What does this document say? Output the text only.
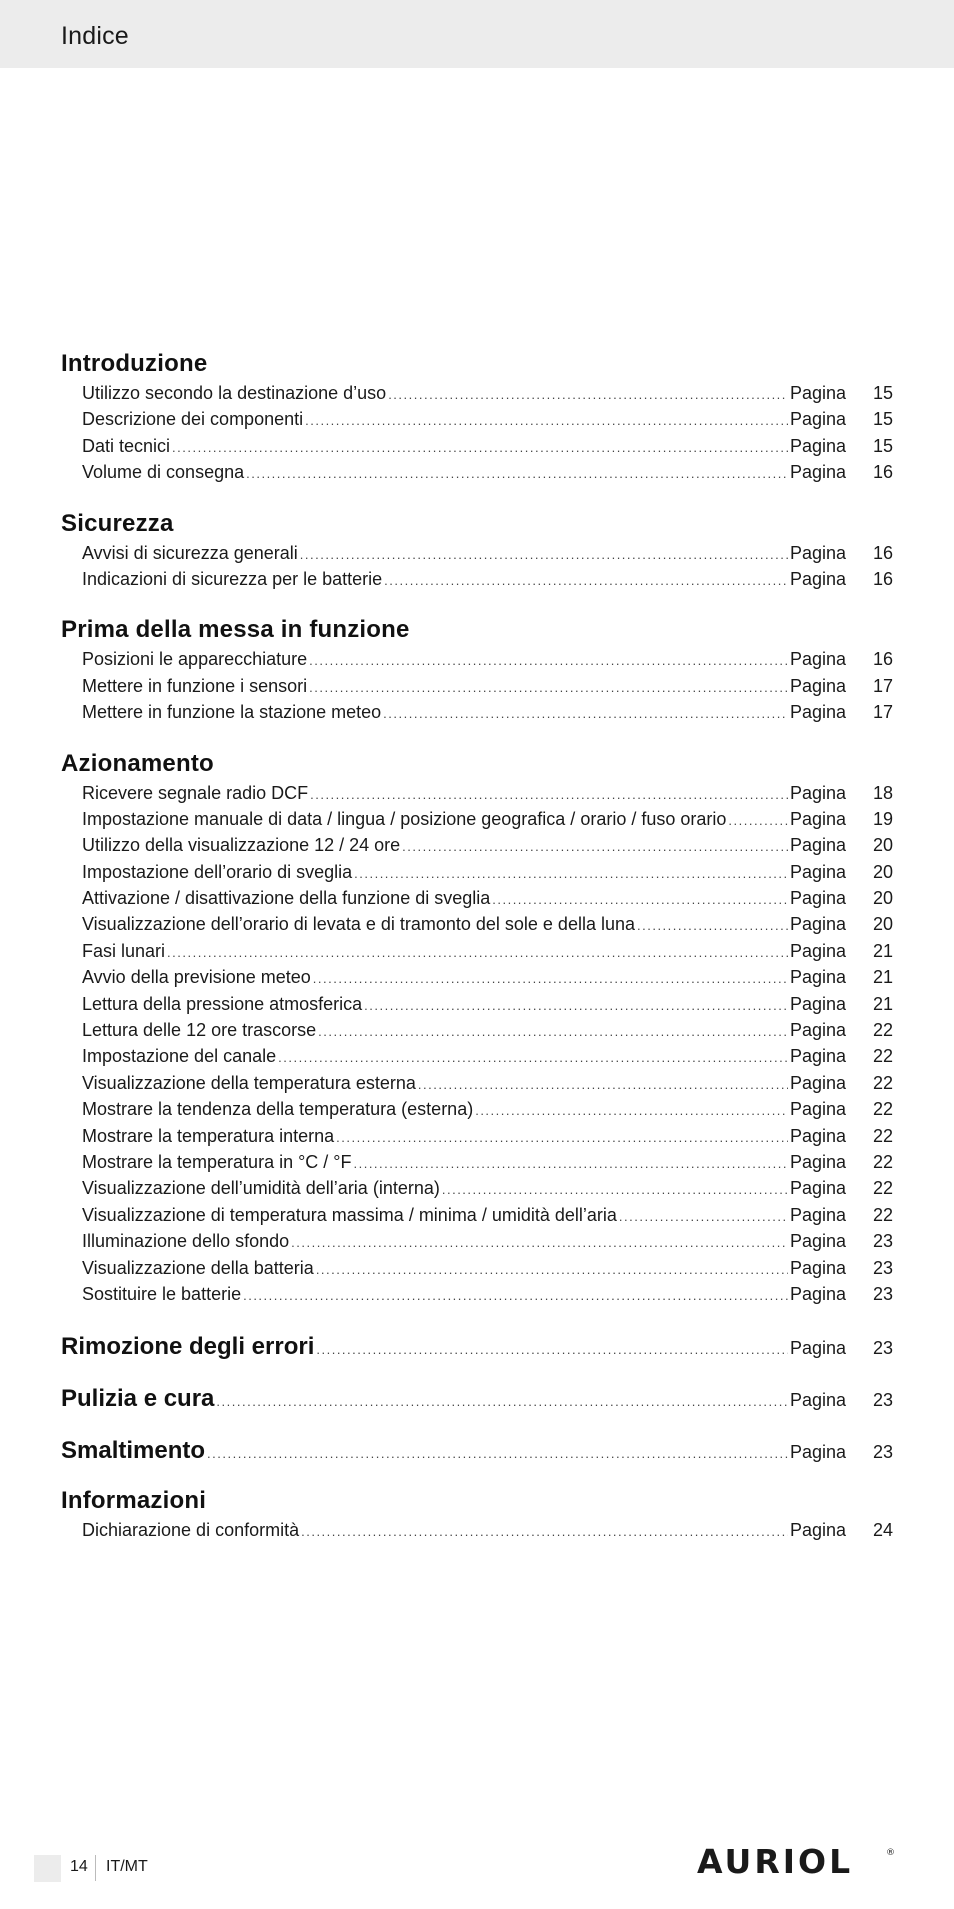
Indice
Introduzione
Utilizzo secondo la destinazione d’uso .....	Pagina	15
Descrizione dei componenti .....	Pagina	15
Dati tecnici .....	Pagina	15
Volume di consegna .....	Pagina	16
Sicurezza
Avvisi di sicurezza generali .....	Pagina	16
Indicazioni di sicurezza per le batterie .....	Pagina	16
Prima della messa in funzione
Posizioni le apparecchiature .....	Pagina	16
Mettere in funzione i sensori .....	Pagina	17
Mettere in funzione la stazione meteo .....	Pagina	17
Azionamento
Ricevere segnale radio DCF .....	Pagina	18
Impostazione manuale di data / lingua / posizione geografica / orario / fuso orario .....	Pagina	19
Utilizzo della visualizzazione 12 / 24 ore .....	Pagina	20
Impostazione dell’orario di sveglia .....	Pagina	20
Attivazione / disattivazione della funzione di sveglia .....	Pagina	20
Visualizzazione dell’orario di levata e di tramonto del sole e della luna .....	Pagina	20
Fasi lunari .....	Pagina	21
Avvio della previsione meteo .....	Pagina	21
Lettura della pressione atmosferica .....	Pagina	21
Lettura delle 12 ore trascorse .....	Pagina	22
Impostazione del canale .....	Pagina	22
Visualizzazione della temperatura esterna .....	Pagina	22
Mostrare la tendenza della temperatura (esterna) .....	Pagina	22
Mostrare la temperatura interna .....	Pagina	22
Mostrare la temperatura in °C / °F .....	Pagina	22
Visualizzazione dell’umidità dell’aria (interna) .....	Pagina	22
Visualizzazione di temperatura massima / minima / umidità dell’aria .....	Pagina	22
Illuminazione dello sfondo .....	Pagina	23
Visualizzazione della batteria .....	Pagina	23
Sostituire le batterie .....	Pagina	23
Rimozione degli errori .....	Pagina	23
Pulizia e cura .....	Pagina	23
Smaltimento .....	Pagina	23
Informazioni
Dichiarazione di conformità .....	Pagina	24
14 IT/MT	AURIOL	®
